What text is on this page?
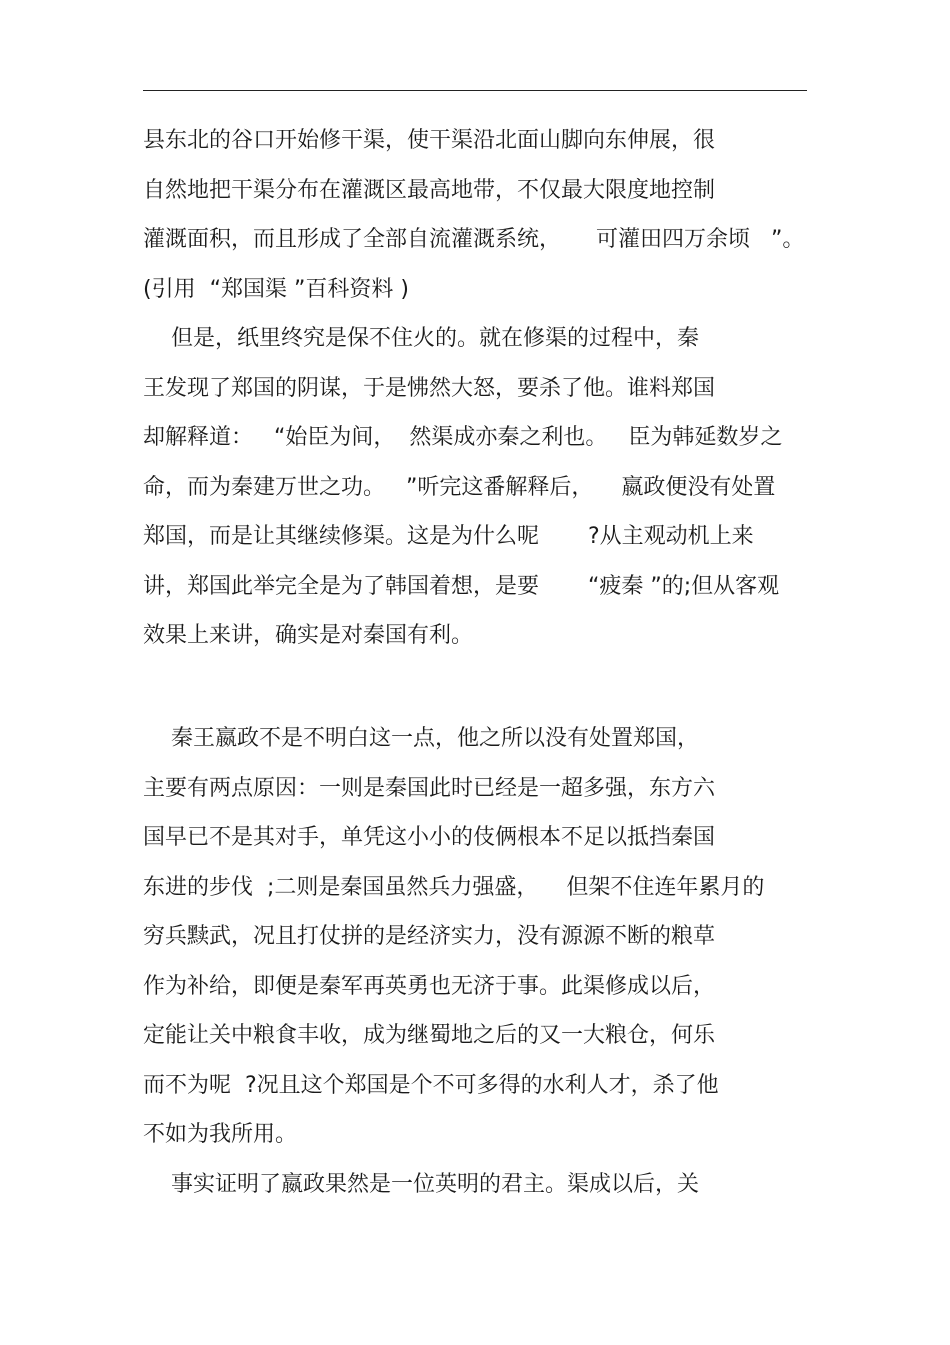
县东北的谷口开始修干渠，使干渠沿北面山脚向东伸展，很
自然地把干渠分布在灌溉区最高地带，不仅最大限度地控制
灌溉面积，而且形成了全部自流灌溉系统，     可灌田四万余顷   ”。
(引用  “郑国渠 ”百科资料 )
但是，纸里终究是保不住火的。就在修渠的过程中，秦
王发现了郑国的阴谋，于是怫然大怒，要杀了他。谁料郑国
却解释道：   “始臣为间，  然渠成亦秦之利也。   臣为韩延数岁之
命，而为秦建万世之功。   ”听完这番解释后，    嬴政便没有处置
郑国，而是让其继续修渠。这是为什么呢       ?从主观动机上来
讲，郑国此举完全是为了韩国着想，是要       “疲秦 ”的;但从客观
效果上来讲，确实是对秦国有利。
秦王嬴政不是不明白这一点，他之所以没有处置郑国，
主要有两点原因：一则是秦国此时已经是一超多强，东方六
国早已不是其对手，单凭这小小的伎俩根本不足以抵挡秦国
东进的步伐  ;二则是秦国虽然兵力强盛，    但架不住连年累月的
穷兵黩武，况且打仗拼的是经济实力，没有源源不断的粮草
作为补给，即便是秦军再英勇也无济于事。此渠修成以后，
定能让关中粮食丰收，成为继蜀地之后的又一大粮仓，何乐
而不为呢  ?况且这个郑国是个不可多得的水利人才，杀了他
不如为我所用。
事实证明了嬴政果然是一位英明的君主。渠成以后，关
